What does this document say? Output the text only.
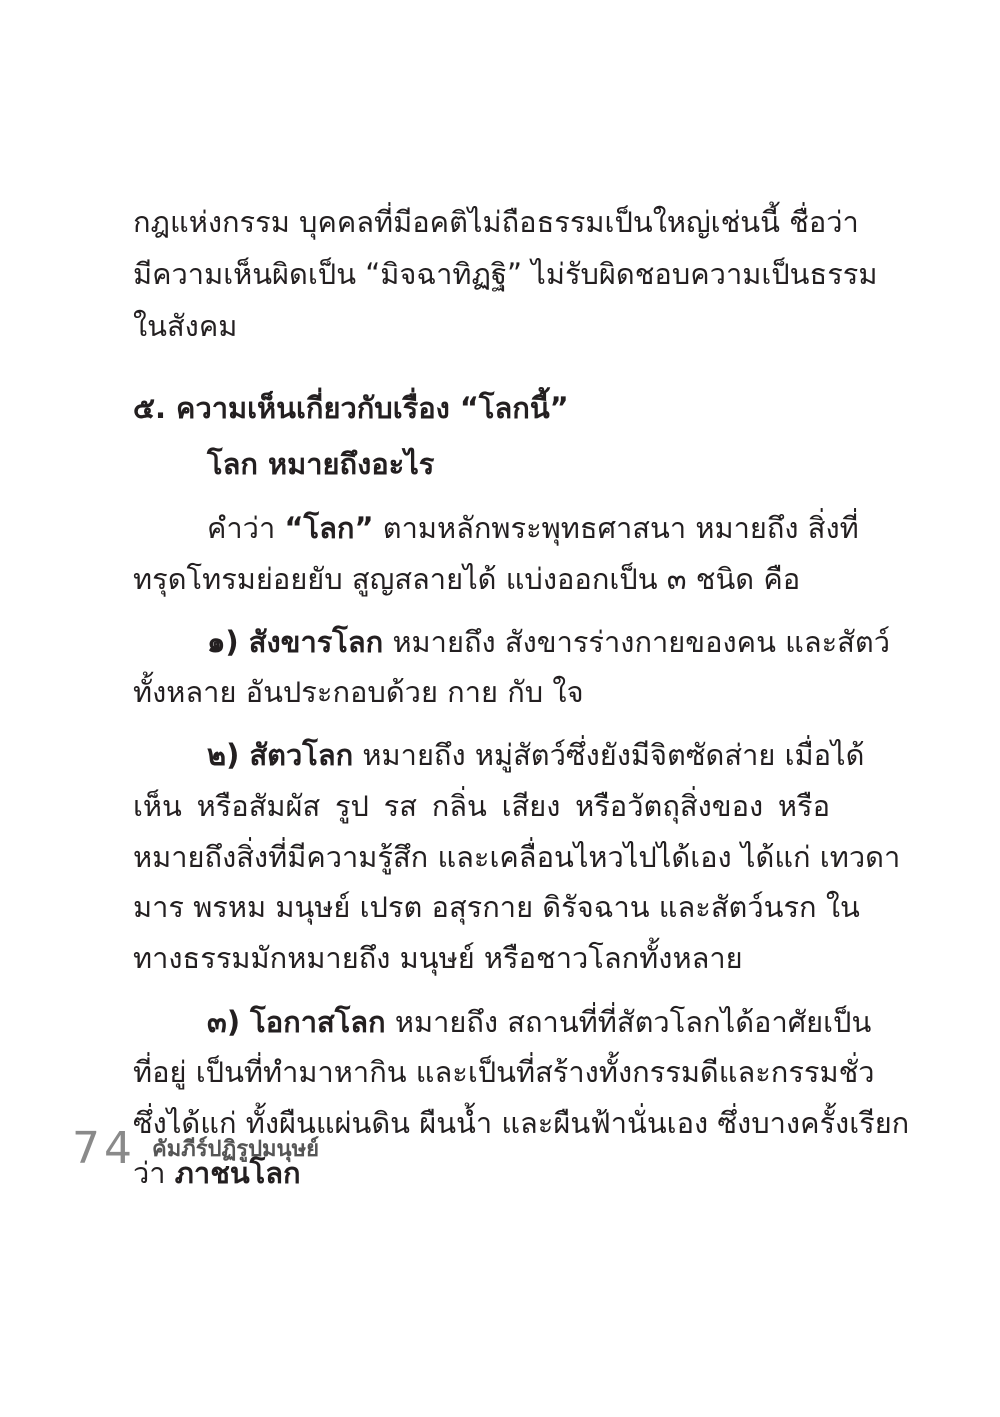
กฎแห่งกรรม บุคคลที่มีอคติไม่ถือธรรมเป็นใหญ่เช่นนี้ ชื่อว่า
มีความเห็นผิดเป็น “มิจฉาทิฏฐิ” ไม่รับผิดชอบความเป็นธรรม
ในสังคม
๕. ความเห็นเกี่ยวกับเรื่อง “โลกนี้”
โลก หมายถึงอะไร
คำว่า “โลก” ตามหลักพระพุทธศาสนา หมายถึง สิ่งที่
ทรุดโทรมย่อยยับ สูญสลายได้ แบ่งออกเป็น ๓ ชนิด คือ
๑) สังขารโลก หมายถึง สังขารร่างกายของคน และสัตว์
ทั้งหลาย อันประกอบด้วย กาย กับ ใจ
๒) สัตวโลก หมายถึง หมู่สัตว์ซึ่งยังมีจิตซัดส่าย เมื่อได้
เห็น หรือสัมผัส รูป รส กลิ่น เสียง หรือวัตถุสิ่งของ หรือ
หมายถึงสิ่งที่มีความรู้สึก และเคลื่อนไหวไปได้เอง ได้แก่ เทวดา
มาร พรหม มนุษย์ เปรต อสุรกาย ดิรัจฉาน และสัตว์นรก ใน
ทางธรรมมักหมายถึง มนุษย์ หรือชาวโลกทั้งหลาย
๓) โอกาสโลก หมายถึง สถานที่ที่สัตวโลกได้อาศัยเป็น
ที่อยู่ เป็นที่ทำมาหากิน และเป็นที่สร้างทั้งกรรมดีและกรรมชั่ว
ซึ่งได้แก่ ทั้งผืนแผ่นดิน ผืนน้ำ และผืนฟ้านั่นเอง ซึ่งบางครั้งเรียก
ว่า ภาชนโลก
74 คัมภีร์ปฏิรูปมนุษย์
